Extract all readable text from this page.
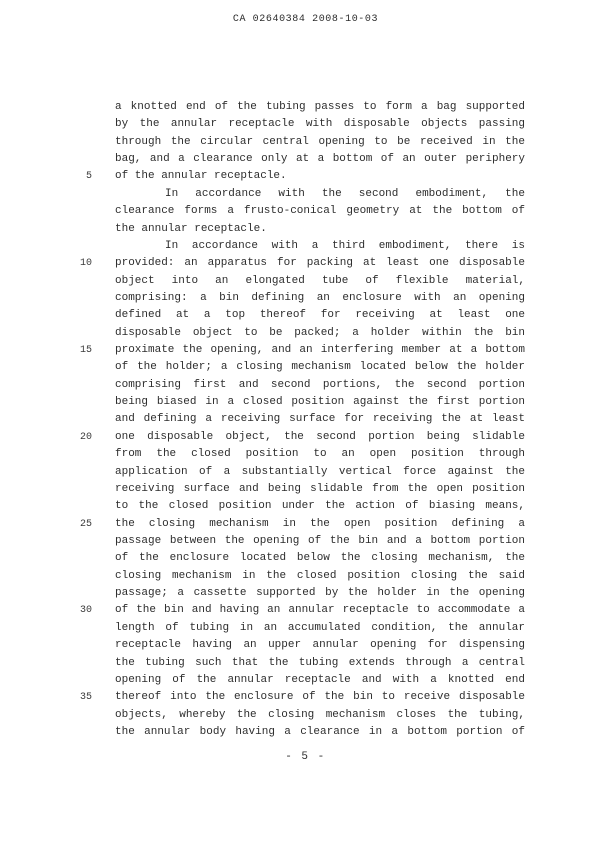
CA 02640384 2008-10-03
a knotted end of the tubing passes to form a bag supported
by the annular receptacle with disposable objects passing
through the circular central opening to be received in the
bag, and a clearance only at a bottom of an outer periphery
5 of the annular receptacle.
In accordance with the second embodiment, the
clearance forms a frusto-conical geometry at the bottom of
the annular receptacle.
In accordance with a third embodiment, there is
10 provided: an apparatus for packing at least one disposable
object into an elongated tube of flexible material,
comprising: a bin defining an enclosure with an opening
defined at a top thereof for receiving at least one
disposable object to be packed; a holder within the bin
15 proximate the opening, and an interfering member at a bottom
of the holder; a closing mechanism located below the holder
comprising first and second portions, the second portion
being biased in a closed position against the first portion
and defining a receiving surface for receiving the at least
20 one disposable object, the second portion being slidable
from the closed position to an open position through
application of a substantially vertical force against the
receiving surface and being slidable from the open position
to the closed position under the action of biasing means,
25 the closing mechanism in the open position defining a
passage between the opening of the bin and a bottom portion
of the enclosure located below the closing mechanism, the
closing mechanism in the closed position closing the said
passage; a cassette supported by the holder in the opening
30 of the bin and having an annular receptacle to accommodate a
length of tubing in an accumulated condition, the annular
receptacle having an upper annular opening for dispensing
the tubing such that the tubing extends through a central
opening of the annular receptacle and with a knotted end
35 thereof into the enclosure of the bin to receive disposable
objects, whereby the closing mechanism closes the tubing,
the annular body having a clearance in a bottom portion of
- 5 -
